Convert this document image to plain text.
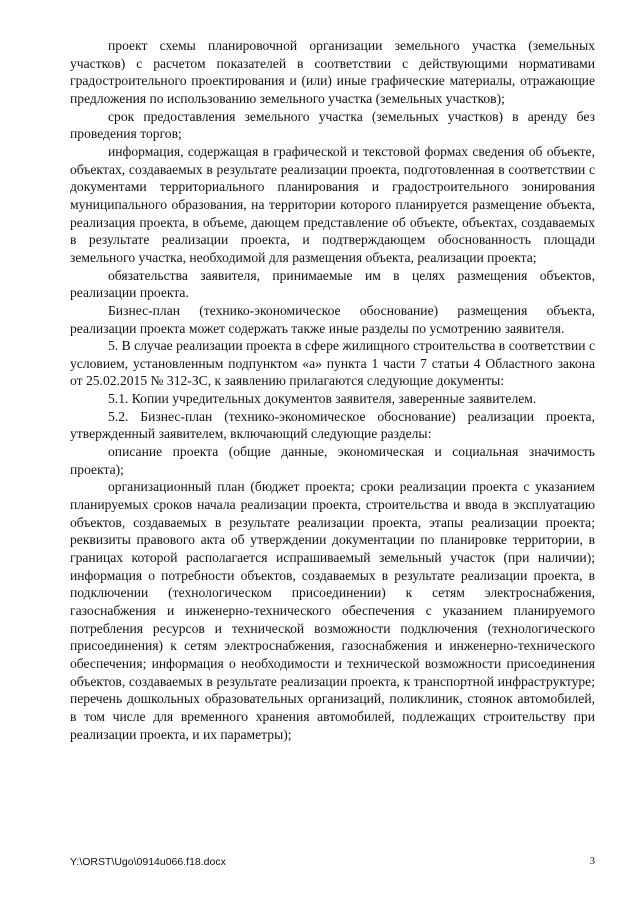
проект схемы планировочной организации земельного участка (земельных участков) с расчетом показателей в соответствии с действующими нормативами градостроительного проектирования и (или) иные графические материалы, отражающие предложения по использованию земельного участка (земельных участков);

срок предоставления земельного участка (земельных участков) в аренду без проведения торгов;

информация, содержащая в графической и текстовой формах сведения об объекте, объектах, создаваемых в результате реализации проекта, подготовленная в соответствии с документами территориального планирования и градостроительного зонирования муниципального образования, на территории которого планируется размещение объекта, реализация проекта, в объеме, дающем представление об объекте, объектах, создаваемых в результате реализации проекта, и подтверждающем обоснованность площади земельного участка, необходимой для размещения объекта, реализации проекта;

обязательства заявителя, принимаемые им в целях размещения объектов, реализации проекта.

Бизнес-план (технико-экономическое обоснование) размещения объекта, реализации проекта может содержать также иные разделы по усмотрению заявителя.

5. В случае реализации проекта в сфере жилищного строительства в соответствии с условием, установленным подпунктом «а» пункта 1 части 7 статьи 4 Областного закона от 25.02.2015 № 312-ЗС, к заявлению прилагаются следующие документы:

5.1. Копии учредительных документов заявителя, заверенные заявителем.

5.2. Бизнес-план (технико-экономическое обоснование) реализации проекта, утвержденный заявителем, включающий следующие разделы:

описание проекта (общие данные, экономическая и социальная значимость проекта);

организационный план (бюджет проекта; сроки реализации проекта с указанием планируемых сроков начала реализации проекта, строительства и ввода в эксплуатацию объектов, создаваемых в результате реализации проекта, этапы реализации проекта; реквизиты правового акта об утверждении документации по планировке территории, в границах которой располагается испрашиваемый земельный участок (при наличии); информация о потребности объектов, создаваемых в результате реализации проекта, в подключении (технологическом присоединении) к сетям электроснабжения, газоснабжения и инженерно-технического обеспечения с указанием планируемого потребления ресурсов и технической возможности подключения (технологического присоединения) к сетям электроснабжения, газоснабжения и инженерно-технического обеспечения; информация о необходимости и технической возможности присоединения объектов, создаваемых в результате реализации проекта, к транспортной инфраструктуре; перечень дошкольных образовательных организаций, поликлиник, стоянок автомобилей, в том числе для временного хранения автомобилей, подлежащих строительству при реализации проекта, и их параметры);

Y:\ORST\Ugo\0914u066.f18.docx	3
